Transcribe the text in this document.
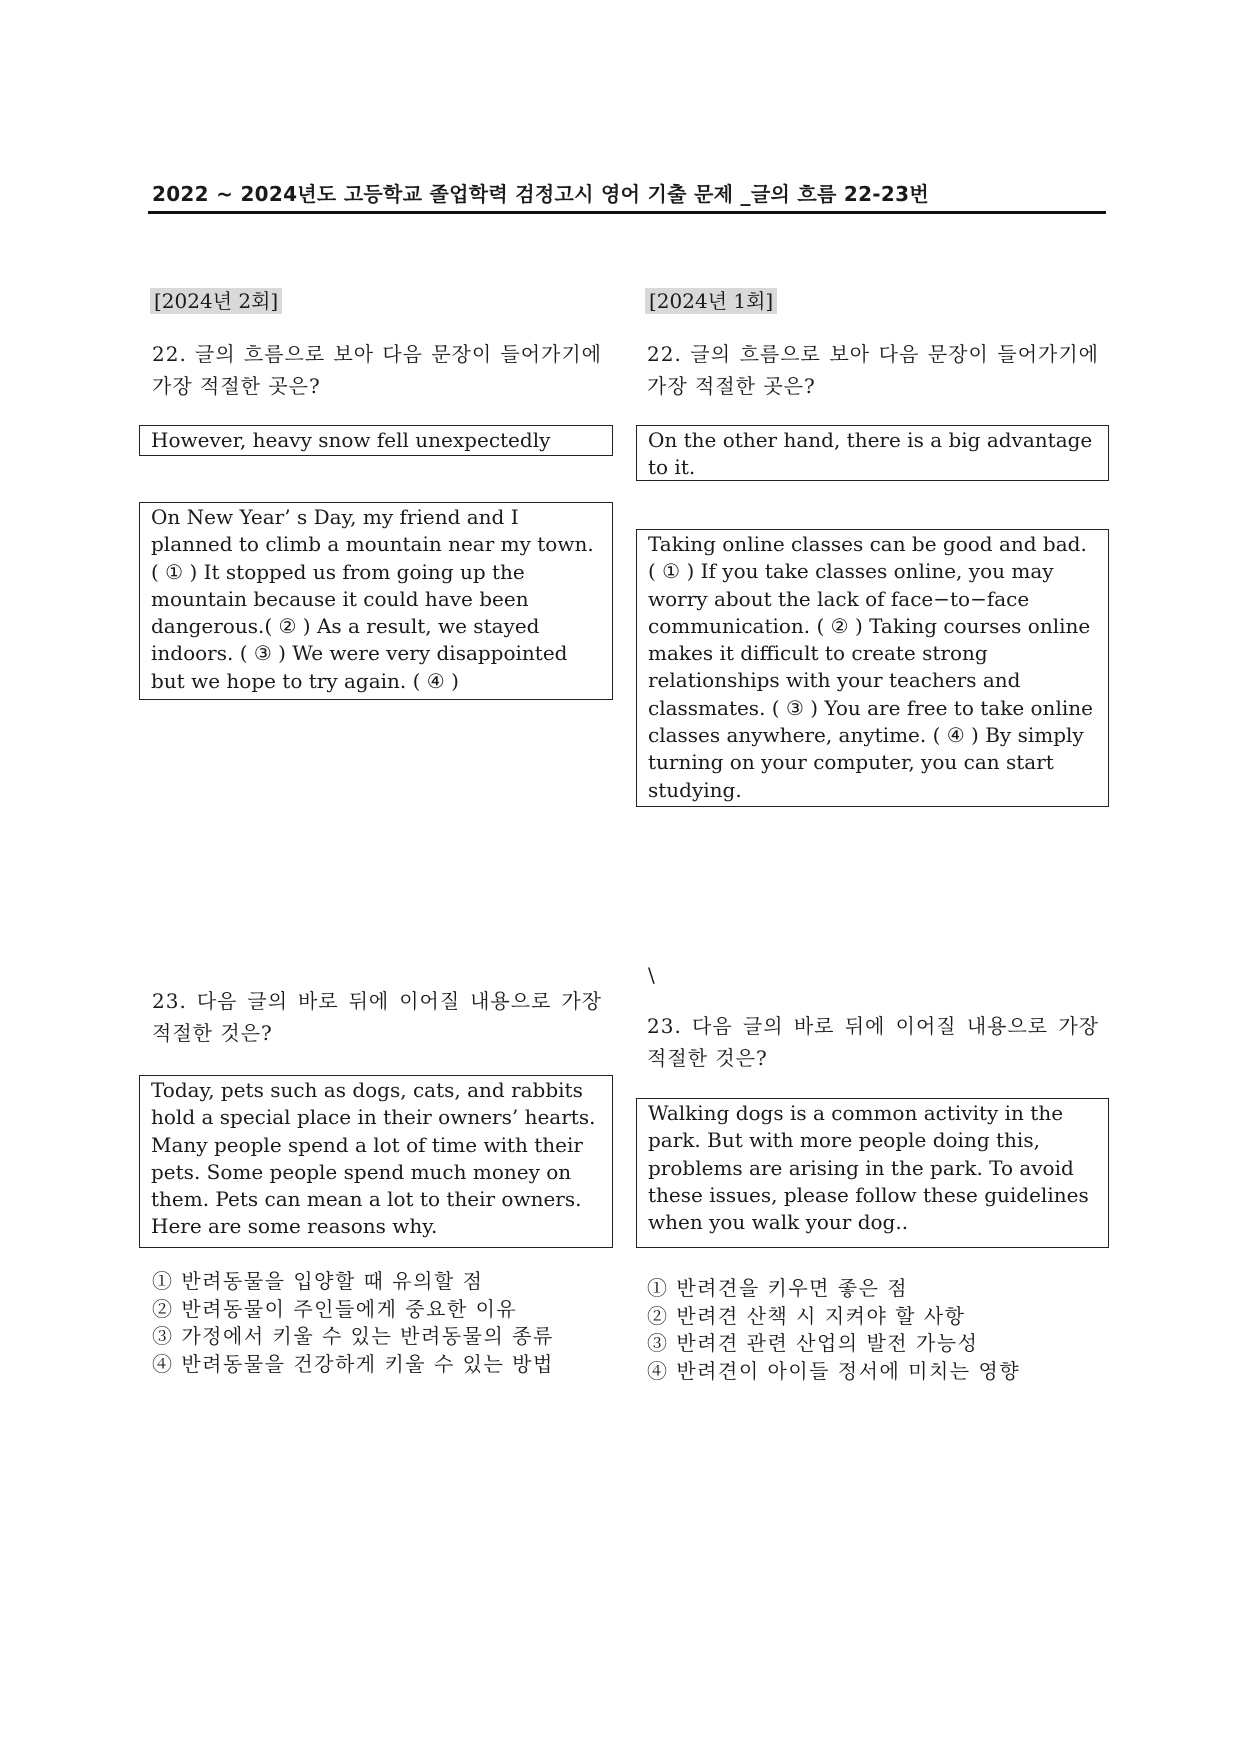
2022 ~ 2024년도 고등학교 졸업학력 검정고시 영어 기출 문제 _글의 흐름 22-23번
[2024년 2회]
22. 글의 흐름으로 보아 다음 문장이 들어가기에 가장 적절한 곳은?
However, heavy snow fell unexpectedly
On New Year’ s Day, my friend and I planned to climb a mountain near my town. ( ① ) It stopped us from going up the mountain because it could have been dangerous.( ② ) As a result, we stayed indoors. ( ③ ) We were very disappointed but we hope to try again. ( ④ )
23. 다음 글의 바로 뒤에 이어질 내용으로 가장 적절한 것은?
Today, pets such as dogs, cats, and rabbits hold a special place in their owners’ hearts. Many people spend a lot of time with their pets. Some people spend much money on them. Pets can mean a lot to their owners. Here are some reasons why.
① 반려동물을 입양할 때 유의할 점
② 반려동물이 주인들에게 중요한 이유
③ 가정에서 키울 수 있는 반려동물의 종류
④ 반려동물을 건강하게 키울 수 있는 방법
[2024년 1회]
22. 글의 흐름으로 보아 다음 문장이 들어가기에 가장 적절한 곳은?
On the other hand, there is a big advantage to it.
Taking online classes can be good and bad. ( ① ) If you take classes online, you may worry about the lack of face−to−face communication. ( ② ) Taking courses online makes it difficult to create strong relationships with your teachers and classmates. ( ③ ) You are free to take online classes anywhere, anytime. ( ④ ) By simply turning on your computer, you can start studying.
\
23. 다음 글의 바로 뒤에 이어질 내용으로 가장 적절한 것은?
Walking dogs is a common activity in the park. But with more people doing this, problems are arising in the park. To avoid these issues, please follow these guidelines when you walk your dog..
① 반려견을 키우면 좋은 점
② 반려견 산책 시 지켜야 할 사항
③ 반려견 관련 산업의 발전 가능성
④ 반려견이 아이들 정서에 미치는 영향
